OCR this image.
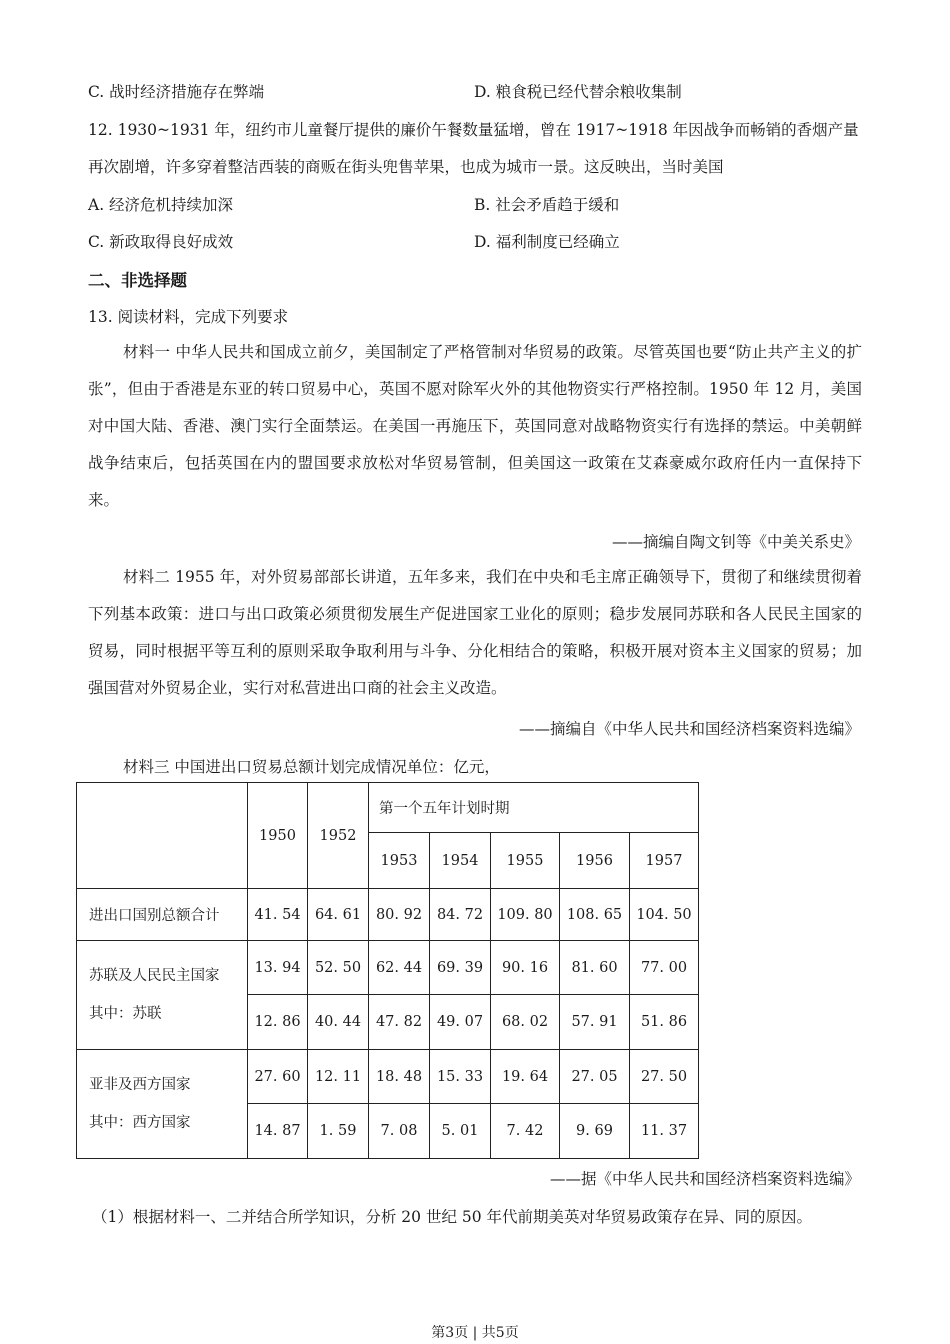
C. 战时经济措施存在弊端	D. 粮食税已经代替余粮收集制
12. 1930~1931 年，纽约市儿童餐厅提供的廉价午餐数量猛增，曾在 1917~1918 年因战争而畅销的香烟产量
再次剧增，许多穿着整洁西装的商贩在街头兜售苹果，也成为城市一景。这反映出，当时美国
A. 经济危机持续加深	B. 社会矛盾趋于缓和
C. 新政取得良好成效	D. 福利制度已经确立
二、非选择题
13. 阅读材料，完成下列要求
材料一 中华人民共和国成立前夕，美国制定了严格管制对华贸易的政策。尽管英国也要“防止共产主义的扩张”，但由于香港是东亚的转口贸易中心，英国不愿对除军火外的其他物资实行严格控制。1950 年 12 月，美国对中国大陆、香港、澳门实行全面禁运。在美国一再施压下，英国同意对战略物资实行有选择的禁运。中美朝鲜战争结束后，包括英国在内的盟国要求放松对华贸易管制，但美国这一政策在艾森豪威尔政府任内一直保持下来。
——摘编自陶文钊等《中美关系史》
材料二 1955 年，对外贸易部部长讲道，五年多来，我们在中央和毛主席正确领导下，贯彻了和继续贯彻着下列基本政策：进口与出口政策必须贯彻发展生产促进国家工业化的原则；稳步发展同苏联和各人民民主国家的贸易，同时根据平等互利的原则采取争取利用与斗争、分化相结合的策略，积极开展对资本主义国家的贸易；加强国营对外贸易企业，实行对私营进出口商的社会主义改造。
——摘编自《中华人民共和国经济档案资料选编》
材料三 中国进出口贸易总额计划完成情况单位：亿元，
	1950	1952	第一个五年计划时期				
			1953	1954	1955	1956	1957
进出口国别总额合计	41. 54	64. 61	80. 92	84. 72	109. 80	108. 65	104. 50

苏联及人民民主国家
其中：苏联	13. 94	52. 50	62. 44	69. 39	90. 16	81. 60	77. 00
	12. 86	40. 44	47. 82	49. 07	68. 02	57. 91	51. 86

亚非及西方国家
其中：西方国家	27. 60	12. 11	18. 48	15. 33	19. 64	27. 05	27. 50
	14. 87	1. 59	7. 08	5. 01	7. 42	9. 69	11. 37
——据《中华人民共和国经济档案资料选编》
（1）根据材料一、二并结合所学知识，分析 20 世纪 50 年代前期美英对华贸易政策存在异、同的原因。
第3页 | 共5页
